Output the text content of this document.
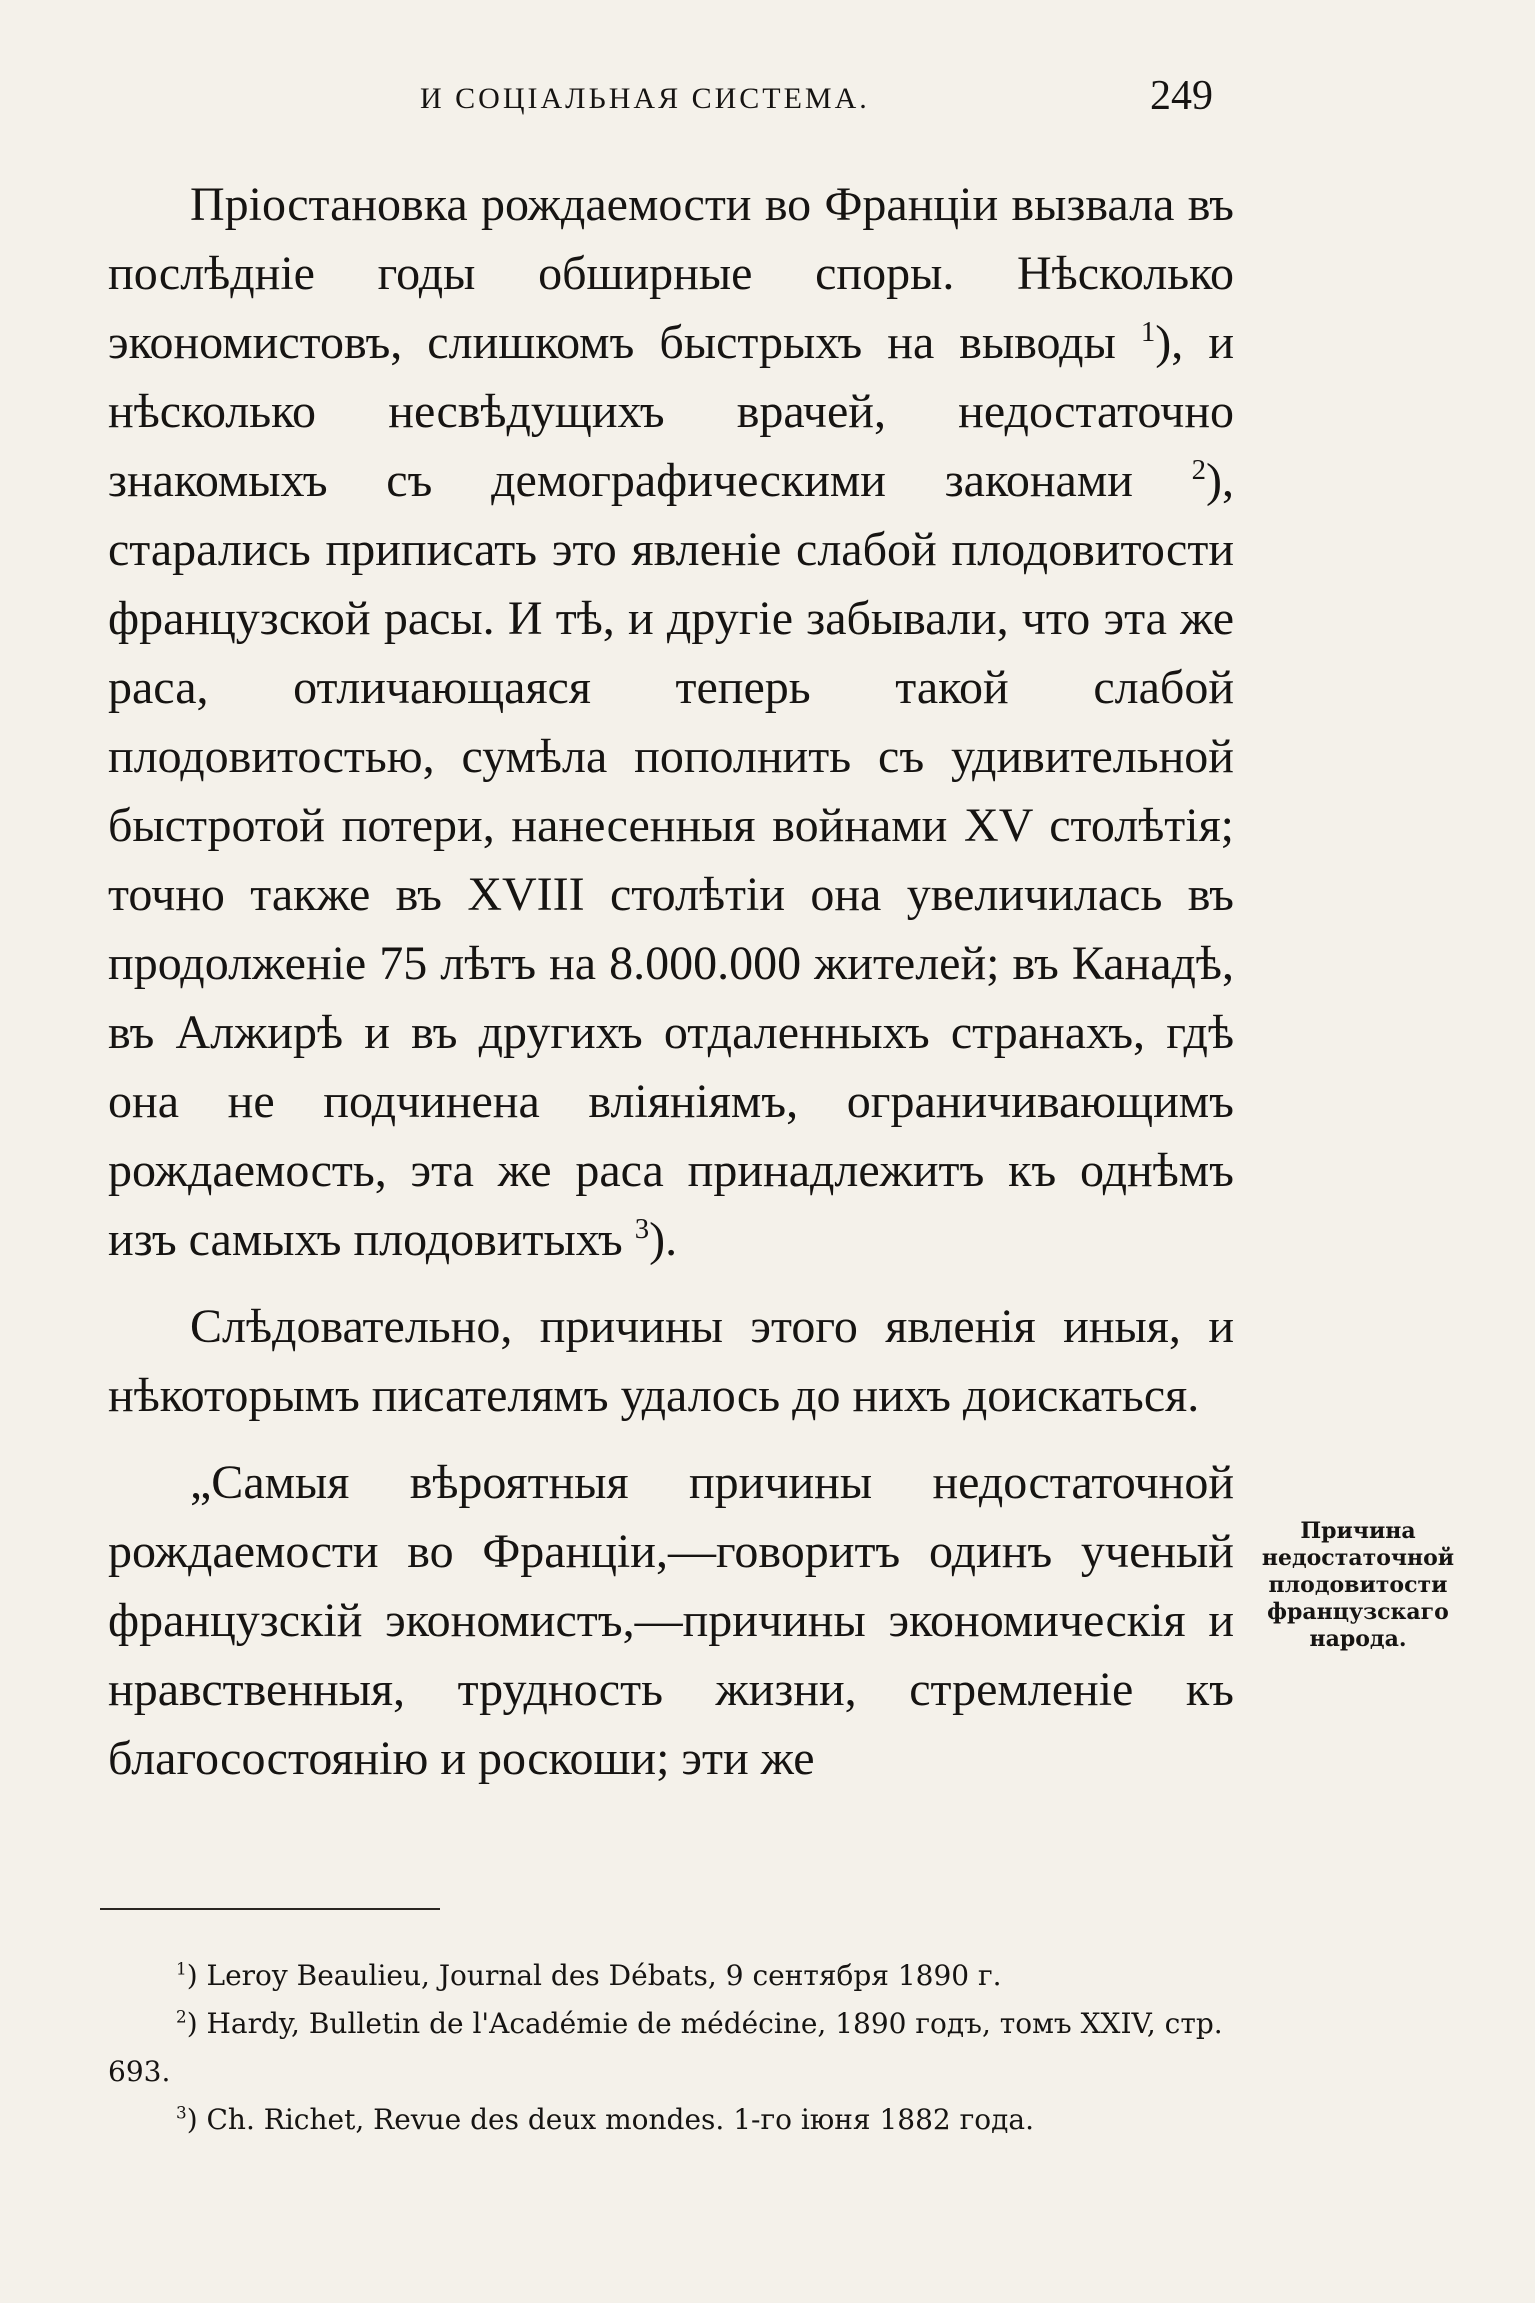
И СОЦІАЛЬНАЯ СИСТЕМА.	249

Пріостановка рождаемости во Франціи вызвала въ послѣдніе годы обширные споры. Нѣсколько экономистовъ, слишкомъ быстрыхъ на выводы $^1$), и нѣсколько несвѣдущихъ врачей, недостаточно знакомыхъ съ демографическими законами $^2$), старались приписать это явленіе слабой плодовитости французской расы. И тѣ, и другіе забывали, что эта же раса, отличающаяся теперь такой слабой плодовитостью, сумѣла пополнить съ удивительной быстротой потери, нанесенныя войнами XV столѣтія; точно также въ XVIII столѣтіи она увеличилась въ продолженіе 75 лѣтъ на 8.000.000 жителей; въ Канадѣ, въ Алжирѣ и въ другихъ отдаленныхъ странахъ, гдѣ она не подчинена вліяніямъ, ограничивающимъ рождаемость, эта же раса принадлежитъ къ однѣмъ изъ самыхъ плодовитыхъ $^3$).

Слѣдовательно, причины этого явленія иныя, и нѣкоторымъ писателямъ удалось до нихъ доискаться.

„Самыя вѣроятныя причины недостаточной рождаемости во Франціи,—говоритъ одинъ ученый французскій экономистъ,—причины экономическія и нравственныя, трудность жизни, стремленіе къ благосостоянію и роскоши; эти же

Причина недостаточной плодовитости французскаго народа.

$^1$) Leroy Beaulieu, Journal des Débats, 9 сентября 1890 г.

$^2$) Hardy, Bulletin de l'Académie de médécine, 1890 годъ, томъ XXIV, стр. 693.

$^3$) Ch. Richet, Revue des deux mondes. 1-го іюня 1882 года.
